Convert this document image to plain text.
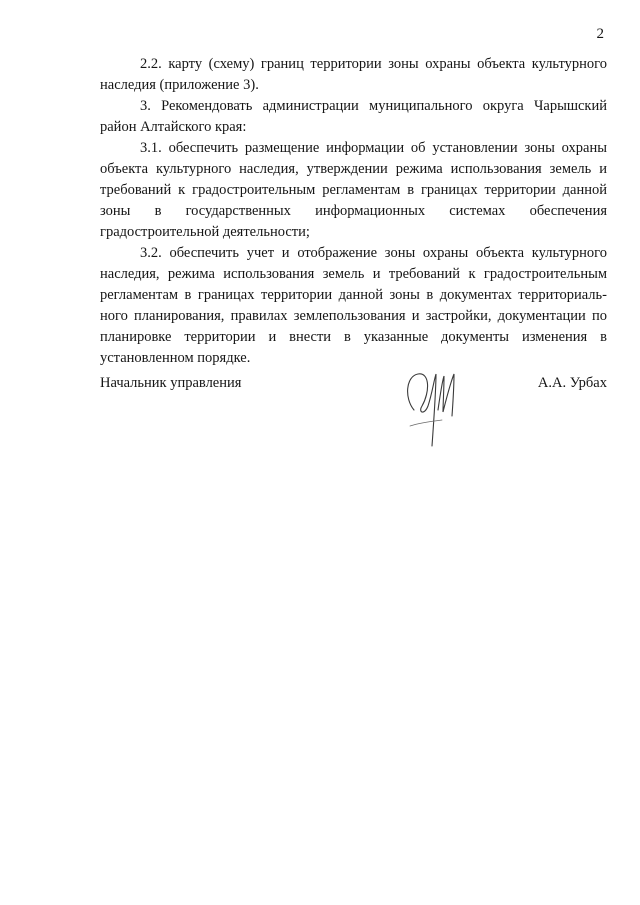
2
2.2. карту (схему) границ территории зоны охраны объекта культурного
наследия (приложение 3).
3. Рекомендовать администрации муниципального округа Чарышский
район Алтайского края:
3.1. обеспечить размещение информации об установлении зоны охраны
объекта культурного наследия, утверждении режима использования земель и
требований к градостроительным регламентам в границах территории данной
зоны в государственных информационных системах обеспечения
градостроительной деятельности;
3.2. обеспечить учет и отображение зоны охраны объекта культурного
наследия, режима использования земель и требований к градостроительным
регламентам в границах территории данной зоны в документах территориаль-
ного планирования, правилах землепользования и застройки, документации по
планировке территории и внести в указанные документы изменения в
установленном порядке.
Начальник управления	А.А. Урбах
